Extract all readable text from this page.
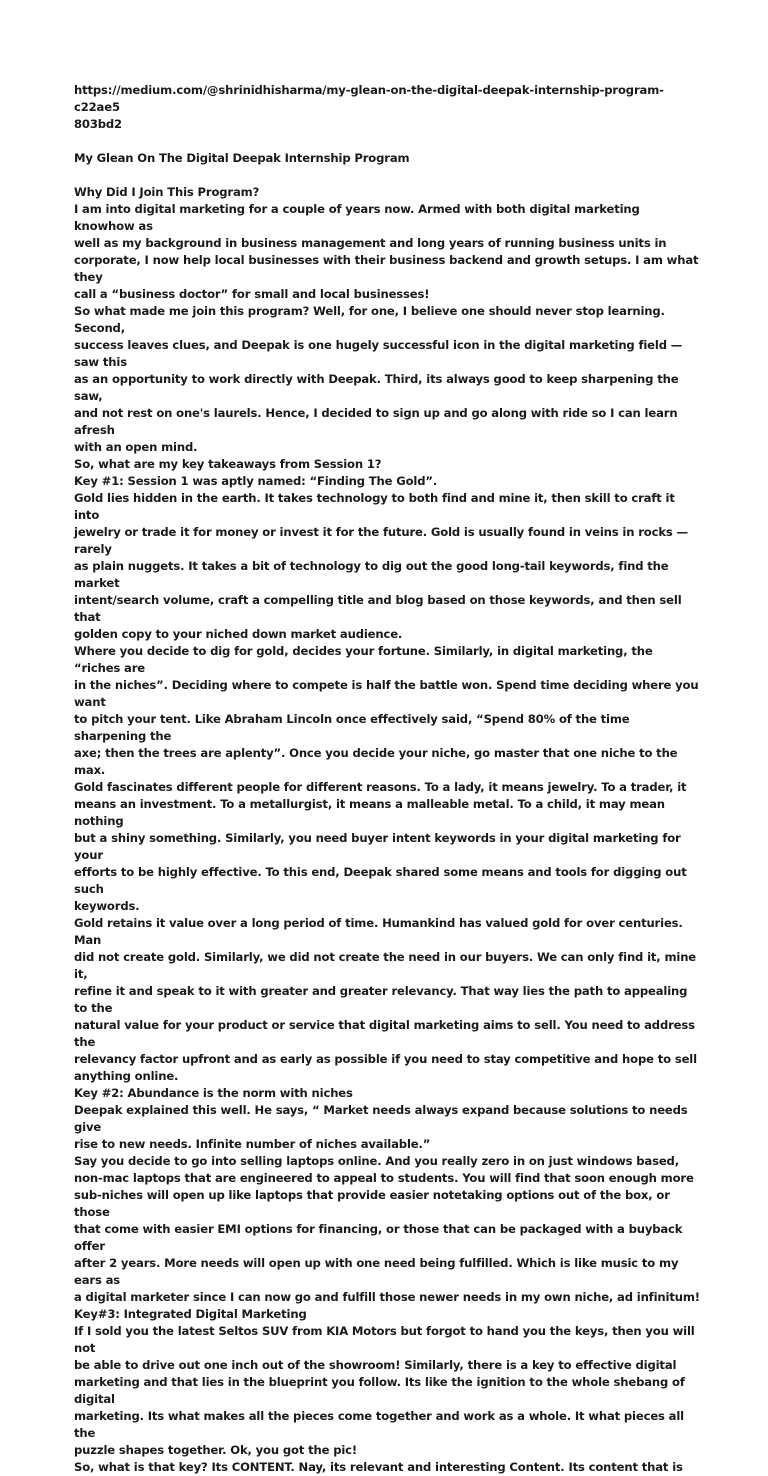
https://medium.com/@shrinidhisharma/my-glean-on-the-digital-deepak-internship-program-c22ae5
803bd2
My Glean On The Digital Deepak Internship Program
Why Did I Join This Program?
I am into digital marketing for a couple of years now. Armed with both digital marketing knowhow as
well as my background in business management and long years of running business units in
corporate, I now help local businesses with their business backend and growth setups. I am what they
call a “business doctor” for small and local businesses!
So what made me join this program? Well, for one, I believe one should never stop learning. Second,
success leaves clues, and Deepak is one hugely successful icon in the digital marketing field — saw this
as an opportunity to work directly with Deepak. Third, its always good to keep sharpening the saw,
and not rest on one's laurels. Hence, I decided to sign up and go along with ride so I can learn afresh
with an open mind.
So, what are my key takeaways from Session 1?
Key #1: Session 1 was aptly named: “Finding The Gold”.
Gold lies hidden in the earth. It takes technology to both find and mine it, then skill to craft it into
jewelry or trade it for money or invest it for the future. Gold is usually found in veins in rocks — rarely
as plain nuggets. It takes a bit of technology to dig out the good long-tail keywords, find the market
intent/search volume, craft a compelling title and blog based on those keywords, and then sell that
golden copy to your niched down market audience.
Where you decide to dig for gold, decides your fortune. Similarly, in digital marketing, the “riches are
in the niches”. Deciding where to compete is half the battle won. Spend time deciding where you want
to pitch your tent. Like Abraham Lincoln once effectively said, “Spend 80% of the time sharpening the
axe; then the trees are aplenty”. Once you decide your niche, go master that one niche to the max.
Gold fascinates different people for different reasons. To a lady, it means jewelry. To a trader, it
means an investment. To a metallurgist, it means a malleable metal. To a child, it may mean nothing
but a shiny something. Similarly, you need buyer intent keywords in your digital marketing for your
efforts to be highly effective. To this end, Deepak shared some means and tools for digging out such
keywords.
Gold retains it value over a long period of time. Humankind has valued gold for over centuries. Man
did not create gold. Similarly, we did not create the need in our buyers. We can only find it, mine it,
refine it and speak to it with greater and greater relevancy. That way lies the path to appealing to the
natural value for your product or service that digital marketing aims to sell. You need to address the
relevancy factor upfront and as early as possible if you need to stay competitive and hope to sell
anything online.
Key #2: Abundance is the norm with niches
Deepak explained this well. He says, “ Market needs always expand because solutions to needs give
rise to new needs. Infinite number of niches available.”
Say you decide to go into selling laptops online. And you really zero in on just windows based,
non-mac laptops that are engineered to appeal to students. You will find that soon enough more
sub-niches will open up like laptops that provide easier notetaking options out of the box, or those
that come with easier EMI options for financing, or those that can be packaged with a buyback offer
after 2 years. More needs will open up with one need being fulfilled. Which is like music to my ears as
a digital marketer since I can now go and fulfill those newer needs in my own niche, ad infinitum!
Key#3: Integrated Digital Marketing
If I sold you the latest Seltos SUV from KIA Motors but forgot to hand you the keys, then you will not
be able to drive out one inch out of the showroom! Similarly, there is a key to effective digital
marketing and that lies in the blueprint you follow. Its like the ignition to the whole shebang of digital
marketing. Its what makes all the pieces come together and work as a whole. It what pieces all the
puzzle shapes together. Ok, you got the pic!
So, what is that key? Its CONTENT. Nay, its relevant and interesting Content. Its content that is
